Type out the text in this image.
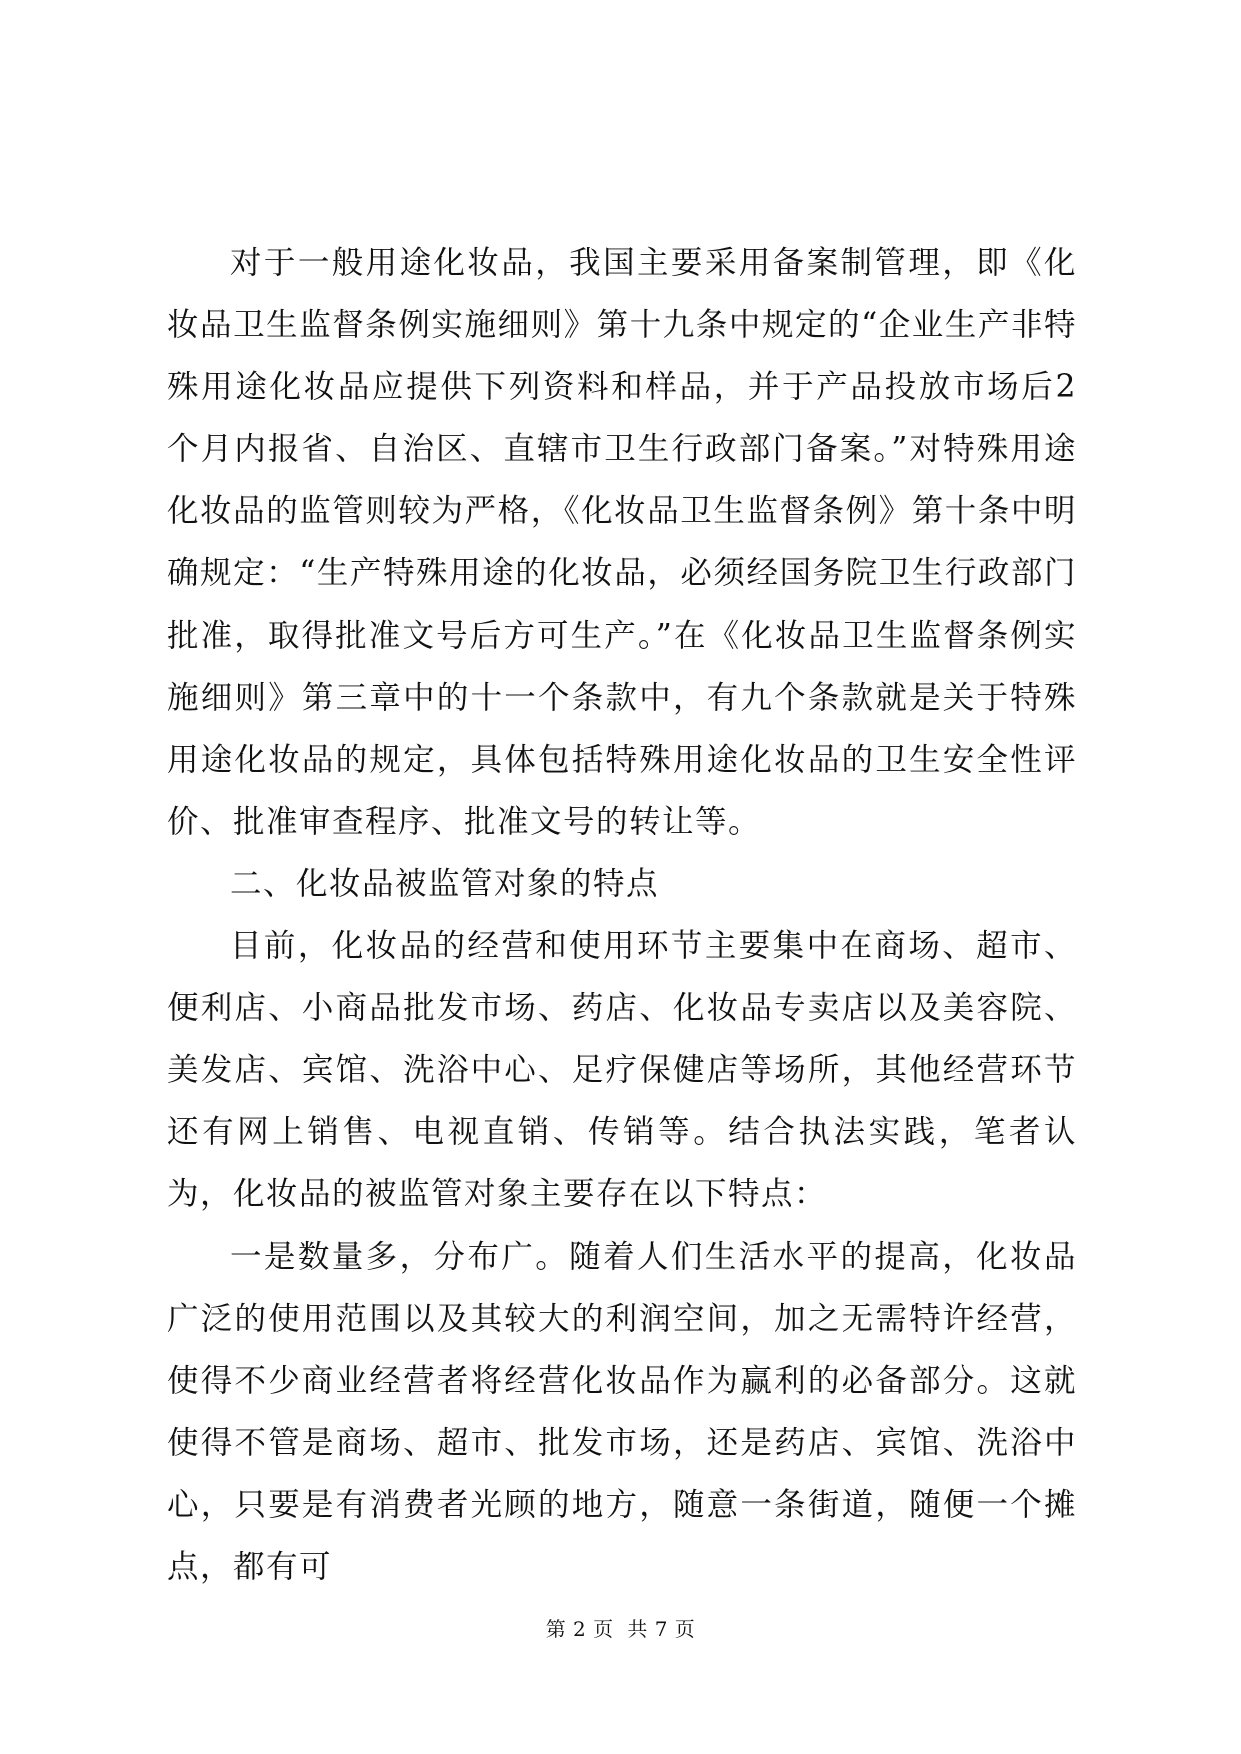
对于一般用途化妆品，我国主要采用备案制管理，即《化妆品卫生监督条例实施细则》第十九条中规定的“企业生产非特殊用途化妆品应提供下列资料和样品，并于产品投放市场后2个月内报省、自治区、直辖市卫生行政部门备案。”对特殊用途化妆品的监管则较为严格，《化妆品卫生监督条例》第十条中明确规定：“生产特殊用途的化妆品，必须经国务院卫生行政部门批准，取得批准文号后方可生产。”在《化妆品卫生监督条例实施细则》第三章中的十一个条款中，有九个条款就是关于特殊用途化妆品的规定，具体包括特殊用途化妆品的卫生安全性评价、批准审查程序、批准文号的转让等。

二、化妆品被监管对象的特点

目前，化妆品的经营和使用环节主要集中在商场、超市、便利店、小商品批发市场、药店、化妆品专卖店以及美容院、美发店、宾馆、洗浴中心、足疗保健店等场所，其他经营环节还有网上销售、电视直销、传销等。结合执法实践，笔者认为，化妆品的被监管对象主要存在以下特点：

一是数量多，分布广。随着人们生活水平的提高，化妆品广泛的使用范围以及其较大的利润空间，加之无需特许经营，使得不少商业经营者将经营化妆品作为赢利的必备部分。这就使得不管是商场、超市、批发市场，还是药店、宾馆、洗浴中心，只要是有消费者光顾的地方，随意一条街道，随便一个摊点，都有可

第 2 页  共 7 页
